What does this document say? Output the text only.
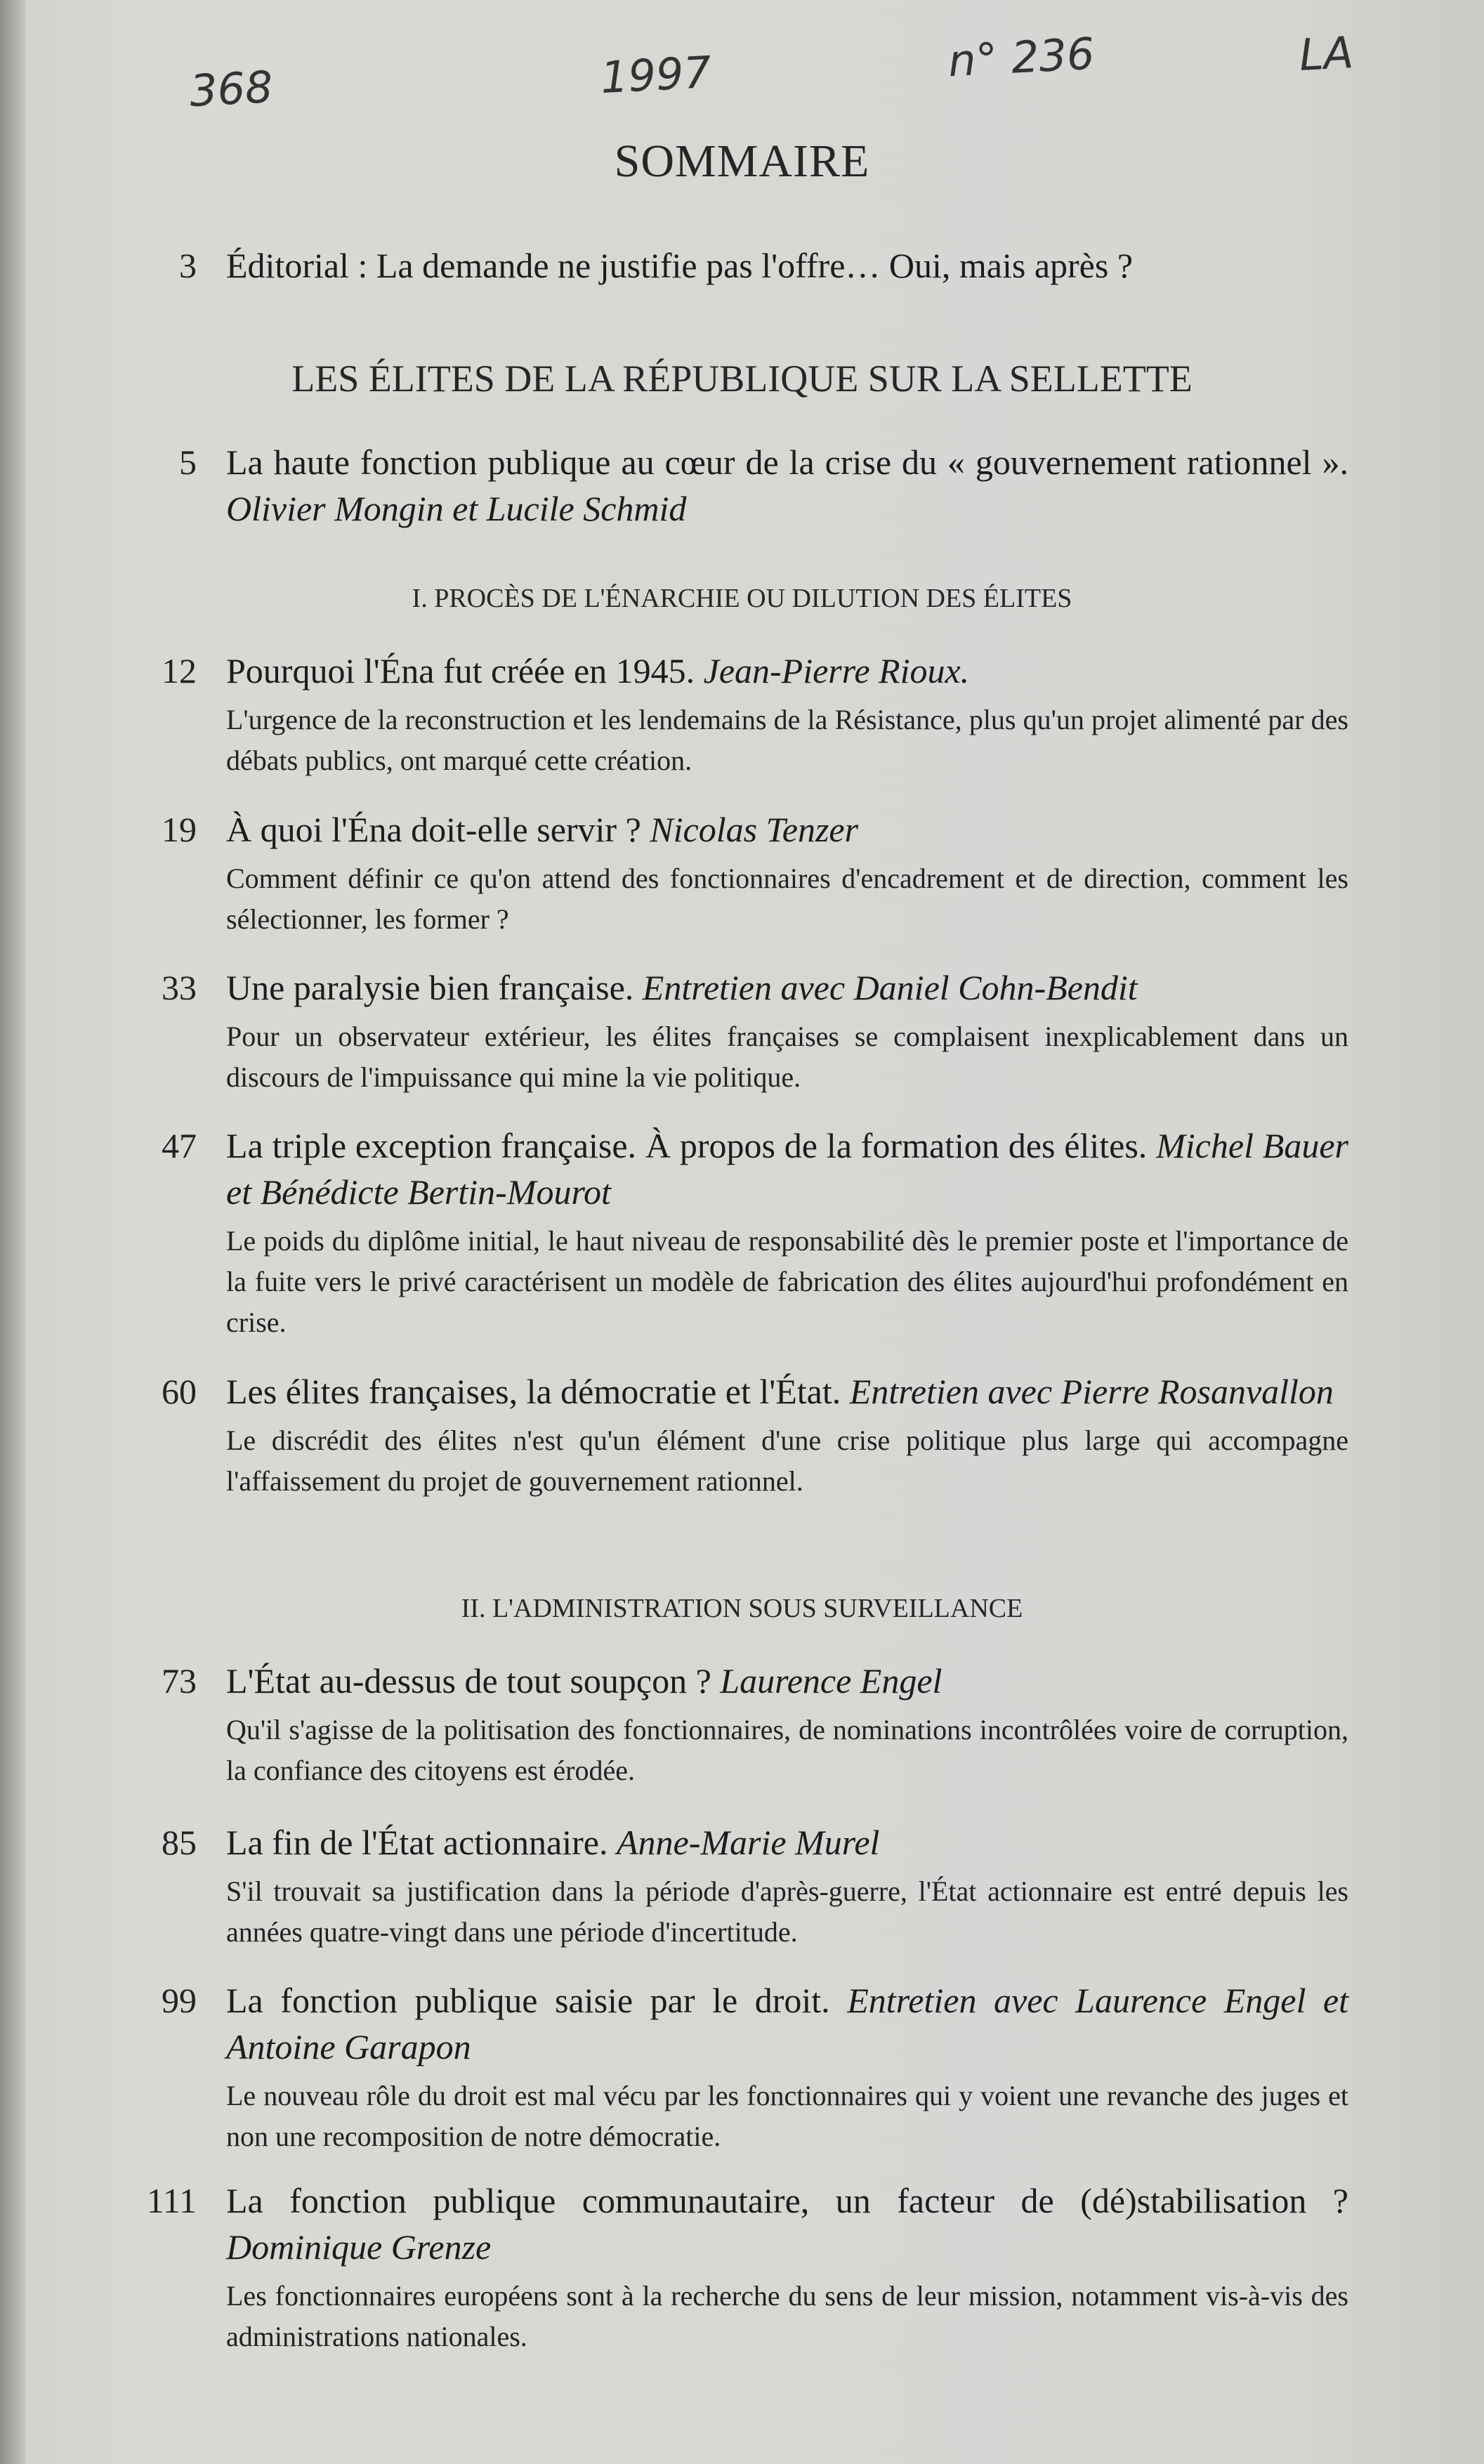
368	1997	n° 236	LA
SOMMAIRE
3 Éditorial : La demande ne justifie pas l'offre… Oui, mais après ?
LES ÉLITES DE LA RÉPUBLIQUE SUR LA SELLETTE
5 La haute fonction publique au cœur de la crise du « gouvernement rationnel ». Olivier Mongin et Lucile Schmid
I. PROCÈS DE L'ÉNARCHIE OU DILUTION DES ÉLITES
12 Pourquoi l'Éna fut créée en 1945. Jean-Pierre Rioux.
L'urgence de la reconstruction et les lendemains de la Résistance, plus qu'un projet alimenté par des débats publics, ont marqué cette création.
19 À quoi l'Éna doit-elle servir ? Nicolas Tenzer
Comment définir ce qu'on attend des fonctionnaires d'encadrement et de direction, comment les sélectionner, les former ?
33 Une paralysie bien française. Entretien avec Daniel Cohn-Bendit
Pour un observateur extérieur, les élites françaises se complaisent inexplicablement dans un discours de l'impuissance qui mine la vie politique.
47 La triple exception française. À propos de la formation des élites. Michel Bauer et Bénédicte Bertin-Mourot
Le poids du diplôme initial, le haut niveau de responsabilité dès le premier poste et l'importance de la fuite vers le privé caractérisent un modèle de fabrication des élites aujourd'hui profondément en crise.
60 Les élites françaises, la démocratie et l'État. Entretien avec Pierre Rosanvallon
Le discrédit des élites n'est qu'un élément d'une crise politique plus large qui accompagne l'affaissement du projet de gouvernement rationnel.
II. L'ADMINISTRATION SOUS SURVEILLANCE
73 L'État au-dessus de tout soupçon ? Laurence Engel
Qu'il s'agisse de la politisation des fonctionnaires, de nominations incontrôlées voire de corruption, la confiance des citoyens est érodée.
85 La fin de l'État actionnaire. Anne-Marie Murel
S'il trouvait sa justification dans la période d'après-guerre, l'État actionnaire est entré depuis les années quatre-vingt dans une période d'incertitude.
99 La fonction publique saisie par le droit. Entretien avec Laurence Engel et Antoine Garapon
Le nouveau rôle du droit est mal vécu par les fonctionnaires qui y voient une revanche des juges et non une recomposition de notre démocratie.
111 La fonction publique communautaire, un facteur de (dé)stabilisation ? Dominique Grenze
Les fonctionnaires européens sont à la recherche du sens de leur mission, notamment vis-à-vis des administrations nationales.
